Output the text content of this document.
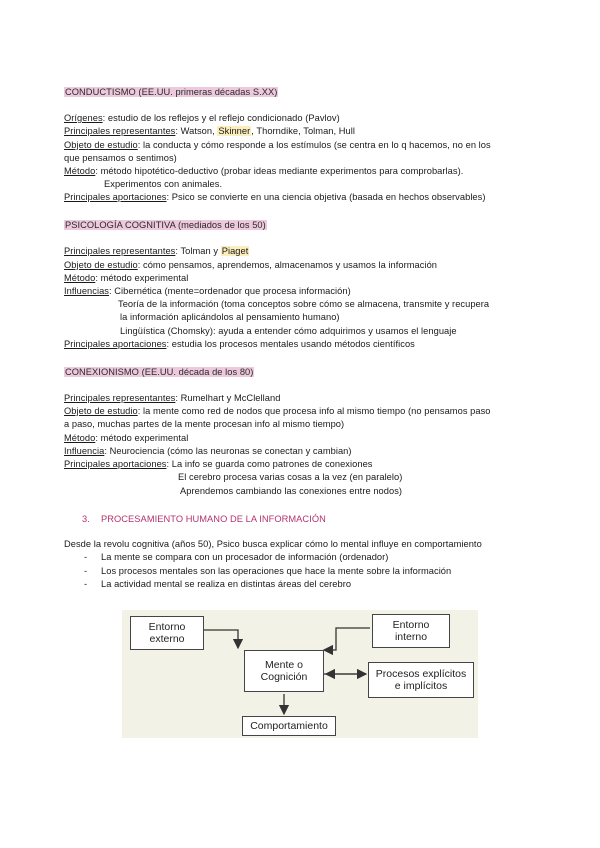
CONDUCTISMO (EE.UU. primeras décadas S.XX)
Orígenes: estudio de los reflejos y el reflejo condicionado (Pavlov)
Principales representantes: Watson, Skinner, Thorndike, Tolman, Hull
Objeto de estudio: la conducta y cómo responde a los estímulos (se centra en lo q hacemos, no en los
que pensamos o sentimos)
Método: método hipotético-deductivo (probar ideas mediante experimentos para comprobarlas).
Experimentos con animales.
Principales aportaciones: Psico se convierte en una ciencia objetiva (basada en hechos observables)
PSICOLOGÍA COGNITIVA (mediados de los 50)
Principales representantes: Tolman y Piaget
Objeto de estudio: cómo pensamos, aprendemos, almacenamos y usamos la información
Método: método experimental
Influencias: Cibernética (mente=ordenador que procesa información)
Teoría de la información (toma conceptos sobre cómo se almacena, transmite y recupera
la información aplicándolos al pensamiento humano)
Lingüística (Chomsky): ayuda a entender cómo adquirimos y usamos el lenguaje
Principales aportaciones: estudia los procesos mentales usando métodos científicos
CONEXIONISMO (EE.UU. década de los 80)
Principales representantes: Rumelhart y McClelland
Objeto de estudio: la mente como red de nodos que procesa info al mismo tiempo (no pensamos paso
a paso, muchas partes de la mente procesan info al mismo tiempo)
Método: método experimental
Influencia: Neurociencia (cómo las neuronas se conectan y cambian)
Principales aportaciones: La info se guarda como patrones de conexiones
El cerebro procesa varias cosas a la vez (en paralelo)
Aprendemos cambiando las conexiones entre nodos)
3. PROCESAMIENTO HUMANO DE LA INFORMACIÓN
Desde la revolu cognitiva (años 50), Psico busca explicar cómo lo mental influye en comportamiento
- La mente se compara con un procesador de información (ordenador)
- Los procesos mentales son las operaciones que hace la mente sobre la información
- La actividad mental se realiza en distintas áreas del cerebro
Entorno
externo
Entorno
interno
Mente o
Cognición	Procesos explícitos
e implícitos
Comportamiento
